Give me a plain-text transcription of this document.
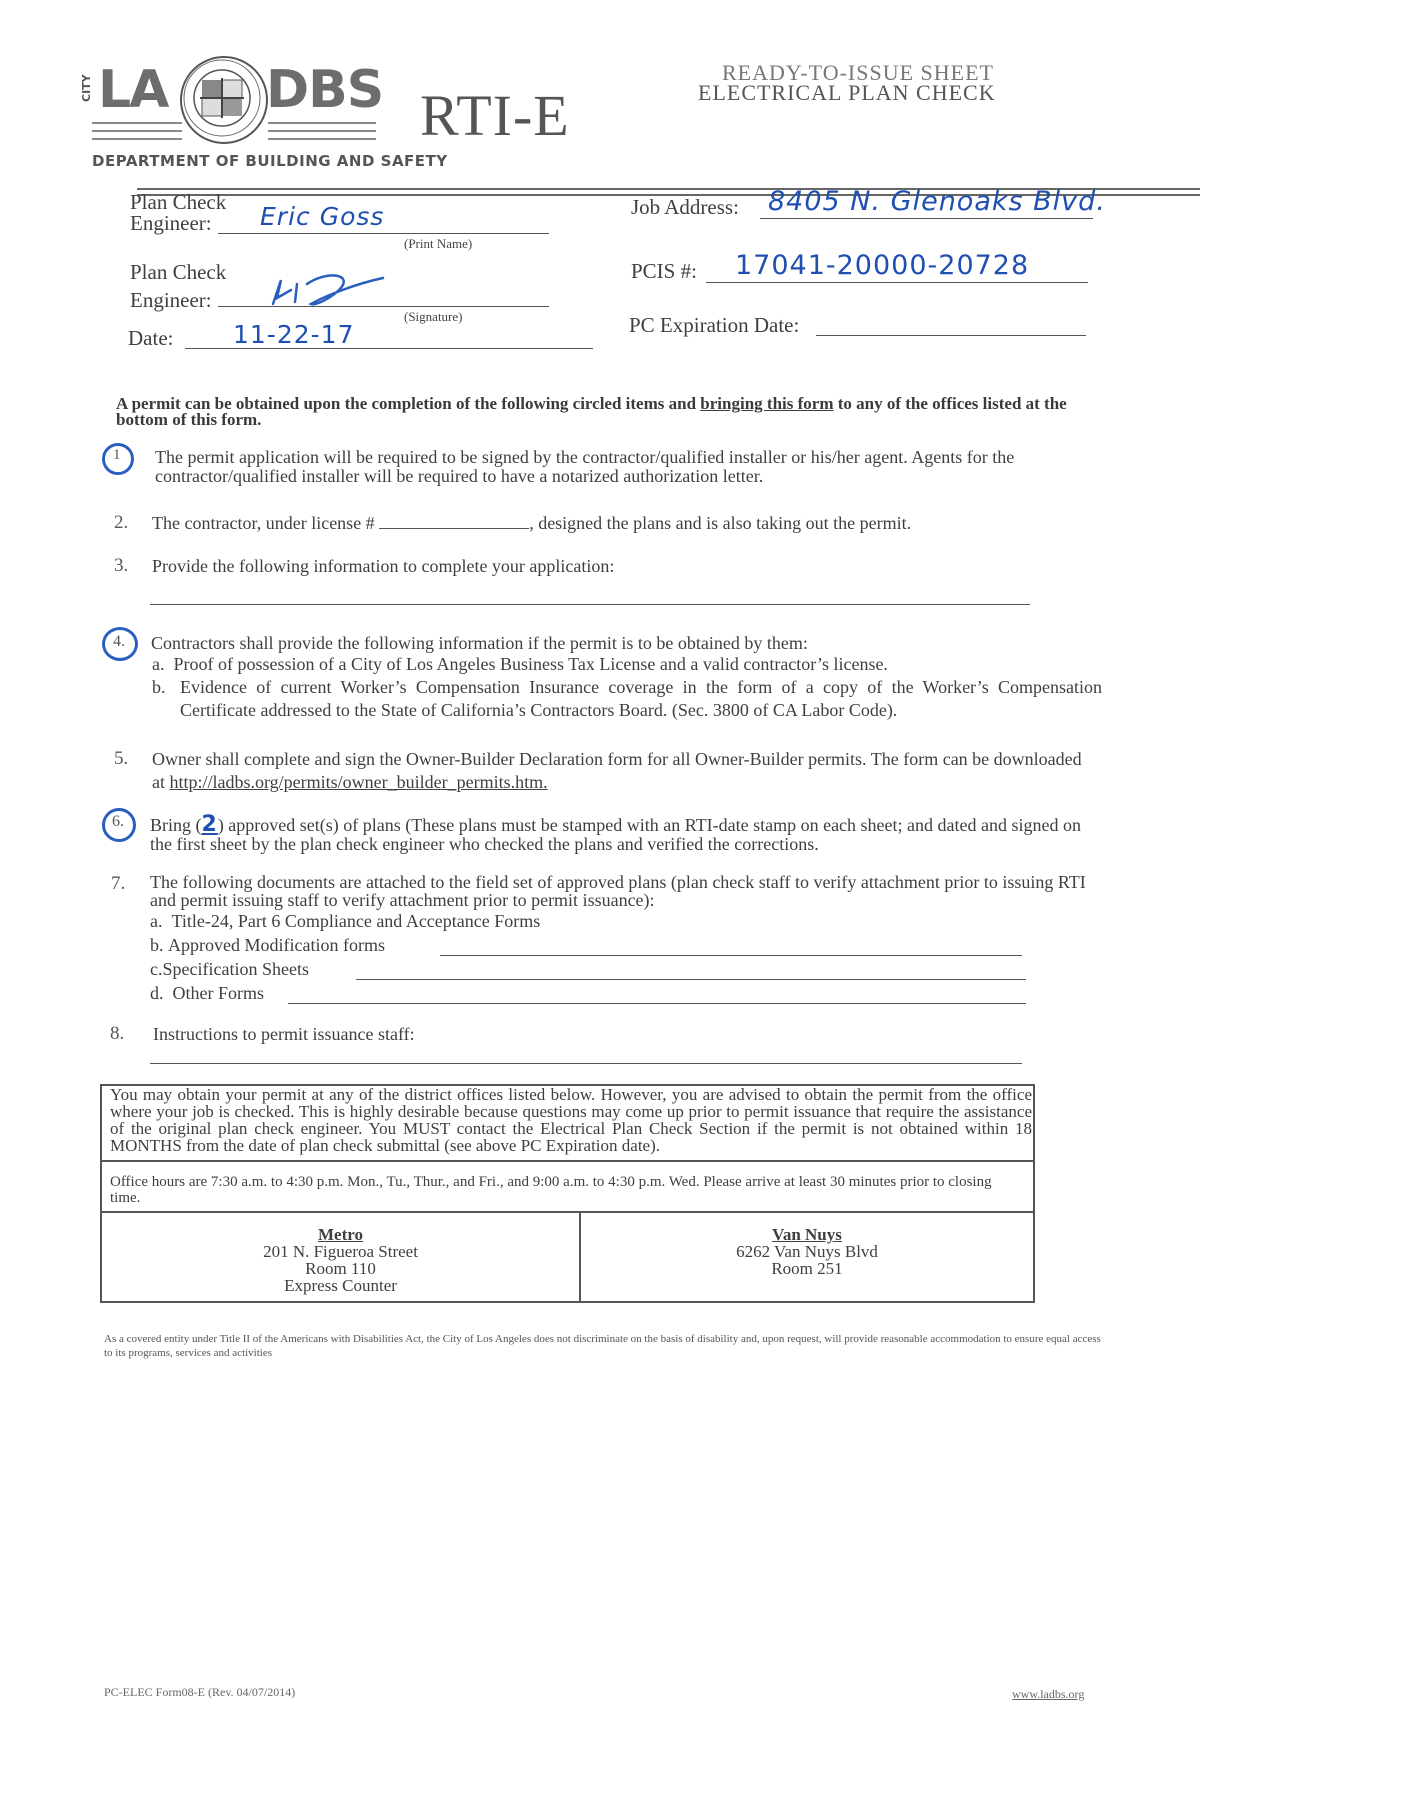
CITY LA DBS
DEPARTMENT OF BUILDING AND SAFETY
RTI-E
READY-TO-ISSUE SHEET
ELECTRICAL PLAN CHECK
Plan Check
Engineer:	Eric Goss
(Print Name)
Plan Check
Engineer:
(Signature)
Date: 11-22-17
Job Address: 8405 N. Glenoaks Blvd.
PCIS #: 17041-20000-20728
PC Expiration Date:
A permit can be obtained upon the completion of the following circled items and bringing this form to any of the offices listed at the bottom of this form.
1 The permit application will be required to be signed by the contractor/qualified installer or his/her agent. Agents for the contractor/qualified installer will be required to have a notarized authorization letter.
2. The contractor, under license #	, designed the plans and is also taking out the permit.
3. Provide the following information to complete your application:
4. Contractors shall provide the following information if the permit is to be obtained by them:
a. Proof of possession of a City of Los Angeles Business Tax License and a valid contractor’s license.
b. Evidence of current Worker’s Compensation Insurance coverage in the form of a copy of the Worker’s Compensation Certificate addressed to the State of California’s Contractors Board. (Sec. 3800 of CA Labor Code).
5. Owner shall complete and sign the Owner-Builder Declaration form for all Owner-Builder permits. The form can be downloaded at http://ladbs.org/permits/owner_builder_permits.htm.
6. Bring (2) approved set(s) of plans (These plans must be stamped with an RTI-date stamp on each sheet; and dated and signed on the first sheet by the plan check engineer who checked the plans and verified the corrections.
7. The following documents are attached to the field set of approved plans (plan check staff to verify attachment prior to issuing RTI and permit issuing staff to verify attachment prior to permit issuance):
a. Title-24, Part 6 Compliance and Acceptance Forms
b. Approved Modification forms
c.Specification Sheets
d. Other Forms
8. Instructions to permit issuance staff:
You may obtain your permit at any of the district offices listed below. However, you are advised to obtain the permit from the office where your job is checked. This is highly desirable because questions may come up prior to permit issuance that require the assistance of the original plan check engineer. You MUST contact the Electrical Plan Check Section if the permit is not obtained within 18 MONTHS from the date of plan check submittal (see above PC Expiration date).
Office hours are 7:30 a.m. to 4:30 p.m. Mon., Tu., Thur., and Fri., and 9:00 a.m. to 4:30 p.m. Wed. Please arrive at least 30 minutes prior to closing time.
Metro
201 N. Figueroa Street
Room 110
Express Counter
Van Nuys
6262 Van Nuys Blvd
Room 251
As a covered entity under Title II of the Americans with Disabilities Act, the City of Los Angeles does not discriminate on the basis of disability and, upon request, will provide reasonable accommodation to ensure equal access to its programs, services and activities
PC-ELEC Form08-E (Rev. 04/07/2014)	www.ladbs.org
